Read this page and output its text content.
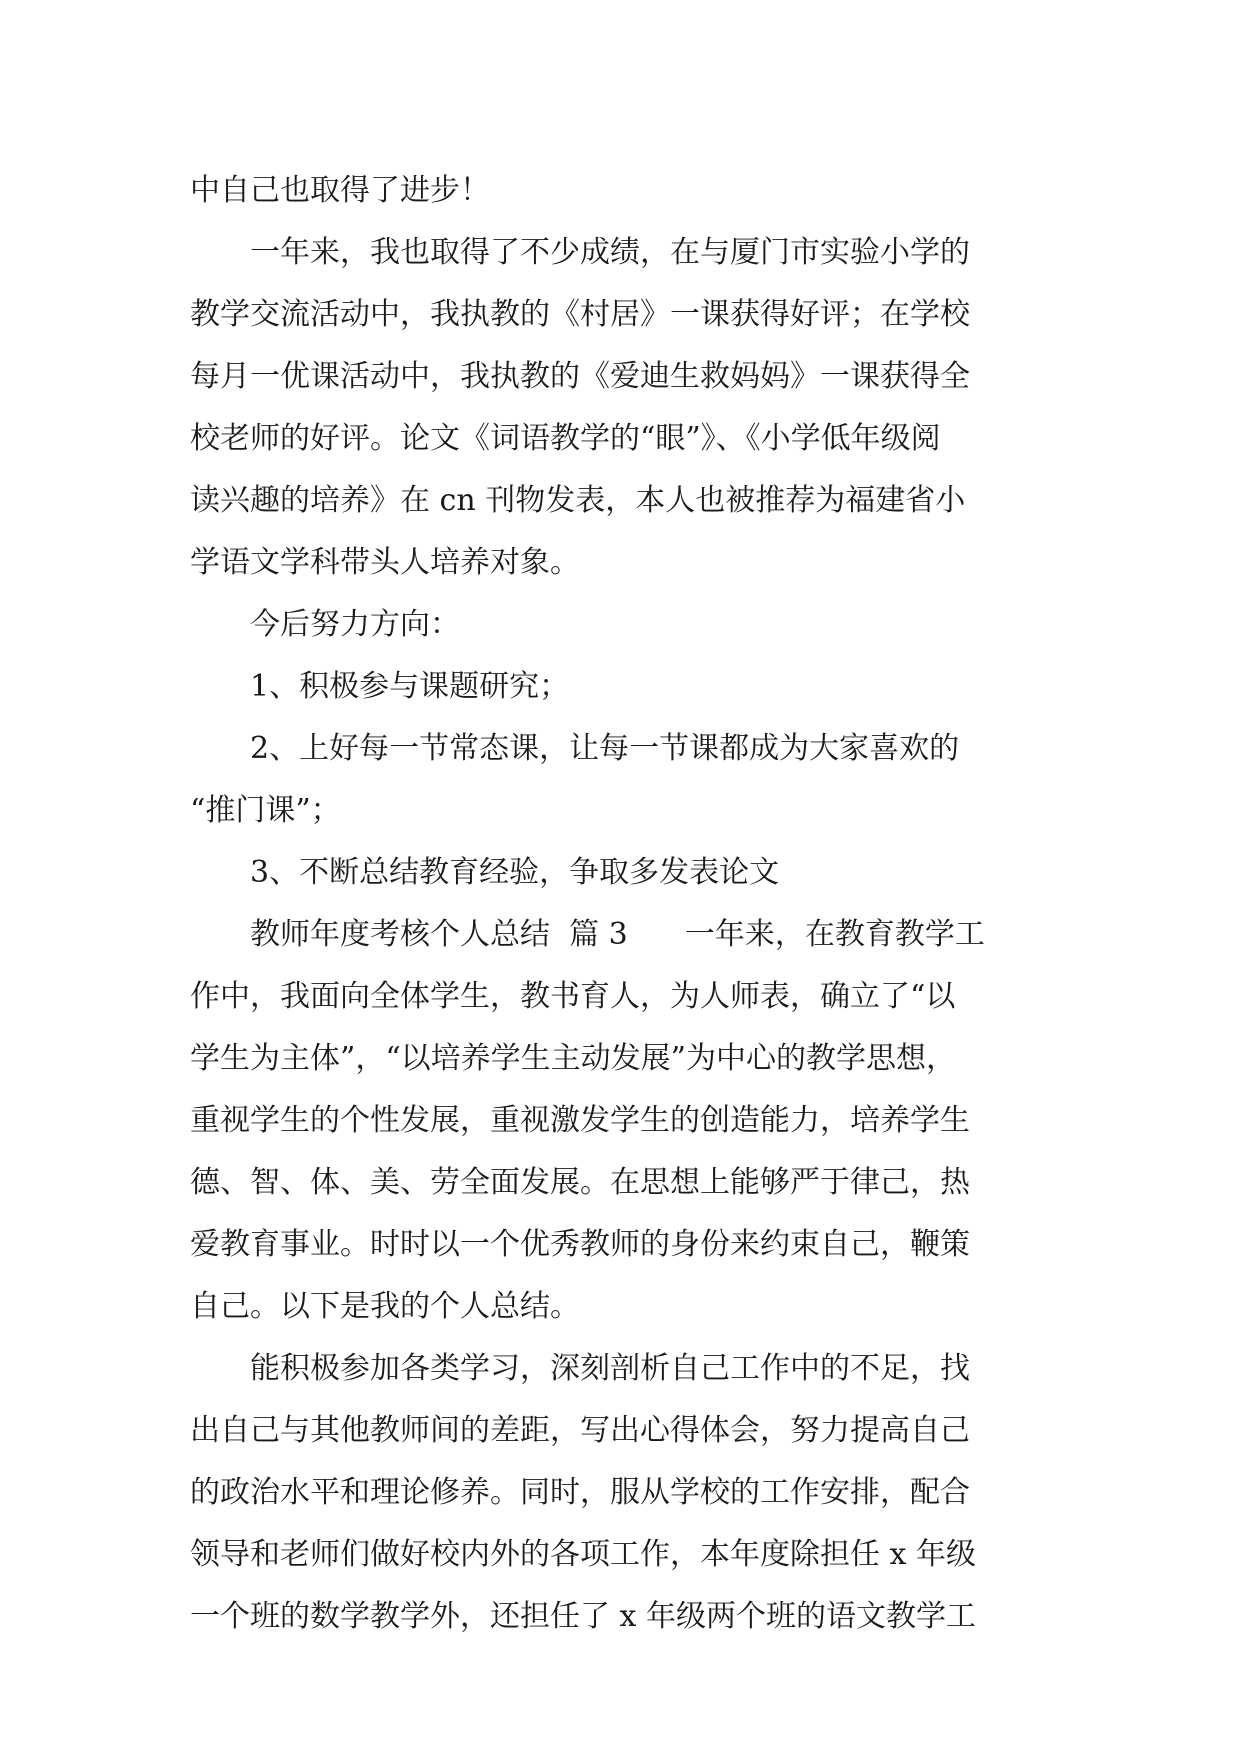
中自己也取得了进步！
一年来，我也取得了不少成绩，在与厦门市实验小学的
教学交流活动中，我执教的《村居》一课获得好评；在学校
每月一优课活动中，我执教的《爱迪生救妈妈》一课获得全
校老师的好评。论文《词语教学的“眼”》、《小学低年级阅
读兴趣的培养》在 cn 刊物发表，本人也被推荐为福建省小
学语文学科带头人培养对象。
今后努力方向：
1、积极参与课题研究；
2、上好每一节常态课，让每一节课都成为大家喜欢的
“推门课”；
3、不断总结教育经验，争取多发表论文
教师年度考核个人总结  篇 3      一年来，在教育教学工
作中，我面向全体学生，教书育人，为人师表，确立了“以
学生为主体”，“以培养学生主动发展”为中心的教学思想，
重视学生的个性发展，重视激发学生的创造能力，培养学生
德、智、体、美、劳全面发展。在思想上能够严于律己，热
爱教育事业。时时以一个优秀教师的身份来约束自己，鞭策
自己。以下是我的个人总结。
能积极参加各类学习，深刻剖析自己工作中的不足，找
出自己与其他教师间的差距，写出心得体会，努力提高自己
的政治水平和理论修养。同时，服从学校的工作安排，配合
领导和老师们做好校内外的各项工作，本年度除担任 x 年级
一个班的数学教学外，还担任了 x 年级两个班的语文教学工
